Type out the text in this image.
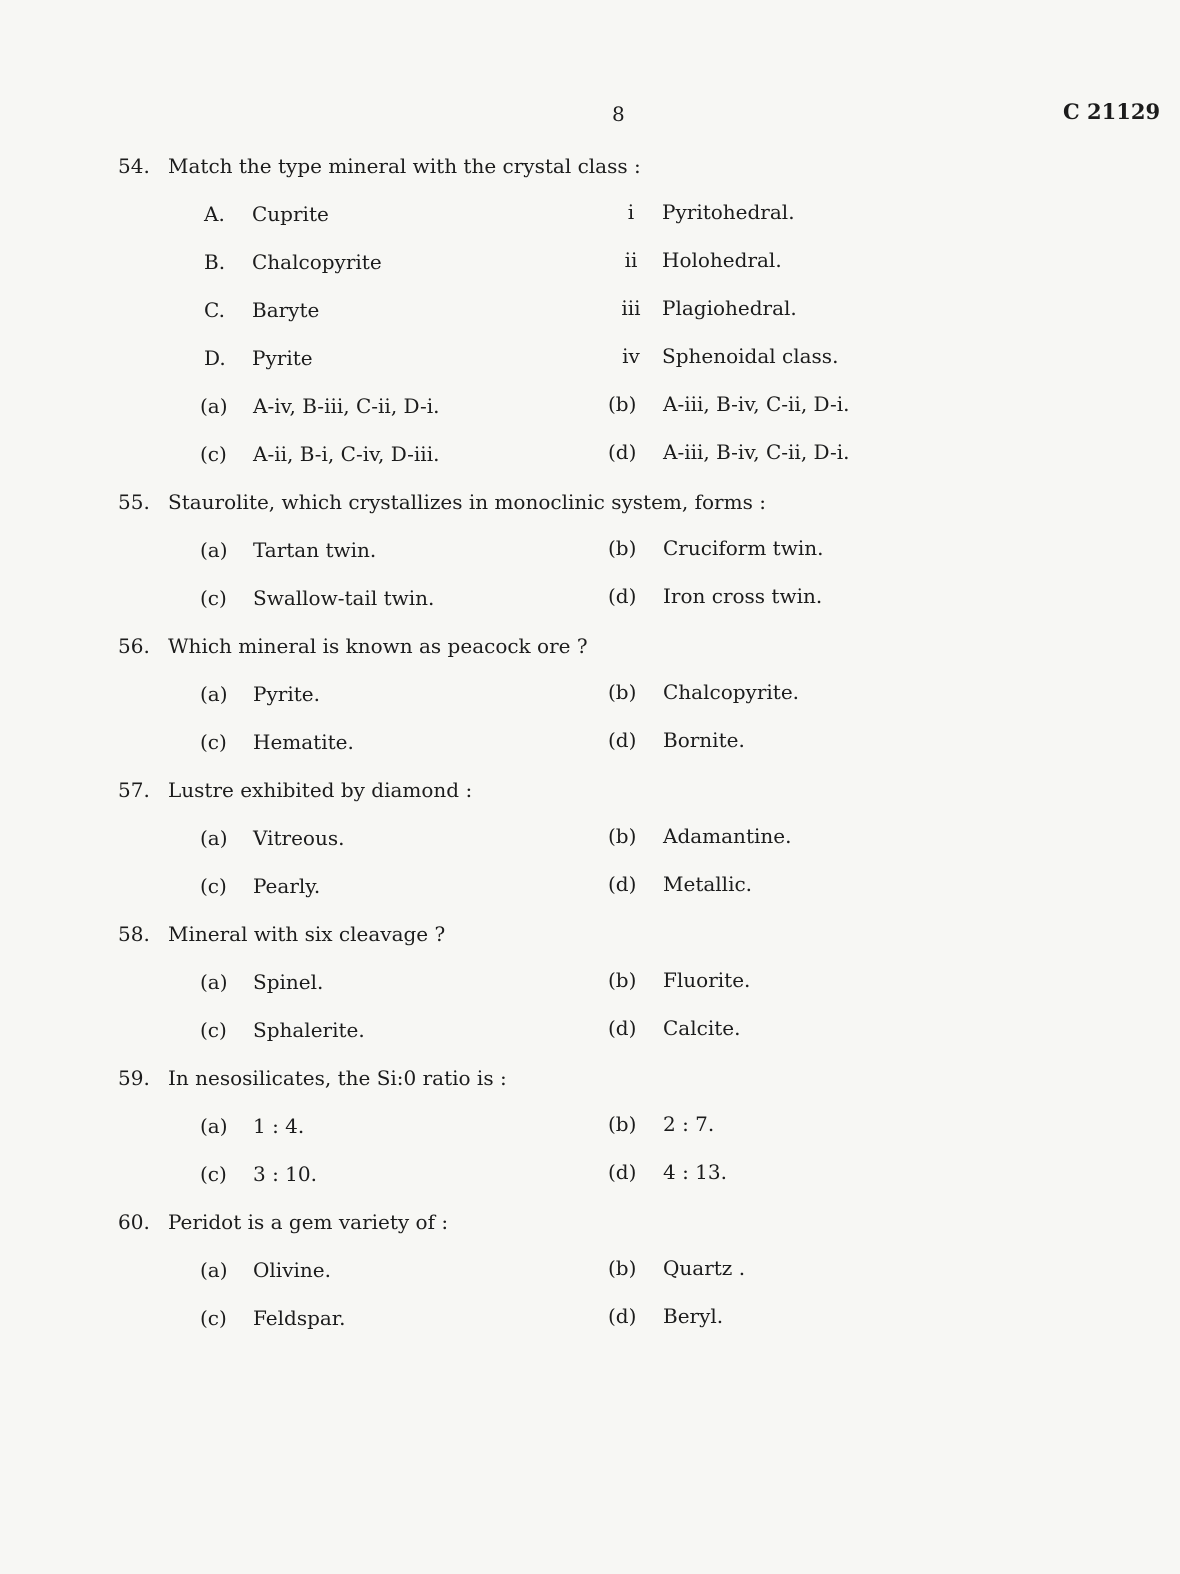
8	C 21129
54. Match the type mineral with the crystal class :
A. Cuprite	i	Pyritohedral.
B. Chalcopyrite	ii Holohedral.
C. Baryte	iii Plagiohedral.
D. Pyrite	iv Sphenoidal class.
(a) A-iv, B-iii, C-ii, D-i.	(b) A-iii, B-iv, C-ii, D-i.
(c) A-ii, B-i, C-iv, D-iii.	(d) A-iii, B-iv, C-ii, D-i.
55. Staurolite, which crystallizes in monoclinic system, forms :
(a) Tartan twin.	(b) Cruciform twin.
(c) Swallow-tail twin.	(d) Iron cross twin.
56. Which mineral is known as peacock ore ?
(a) Pyrite.	(b) Chalcopyrite.
(c) Hematite.	(d) Bornite.
57. Lustre exhibited by diamond :
(a) Vitreous.	(b) Adamantine.
(c) Pearly.	(d) Metallic.
58. Mineral with six cleavage ?
(a) Spinel.	(b) Fluorite.
(c) Sphalerite.	(d) Calcite.
59. In nesosilicates, the Si:0 ratio is :
(a) 1 : 4.	(b) 2 : 7.
(c) 3 : 10.	(d) 4 : 13.
60. Peridot is a gem variety of :
(a) Olivine.	(b) Quartz .
(c) Feldspar.	(d) Beryl.
